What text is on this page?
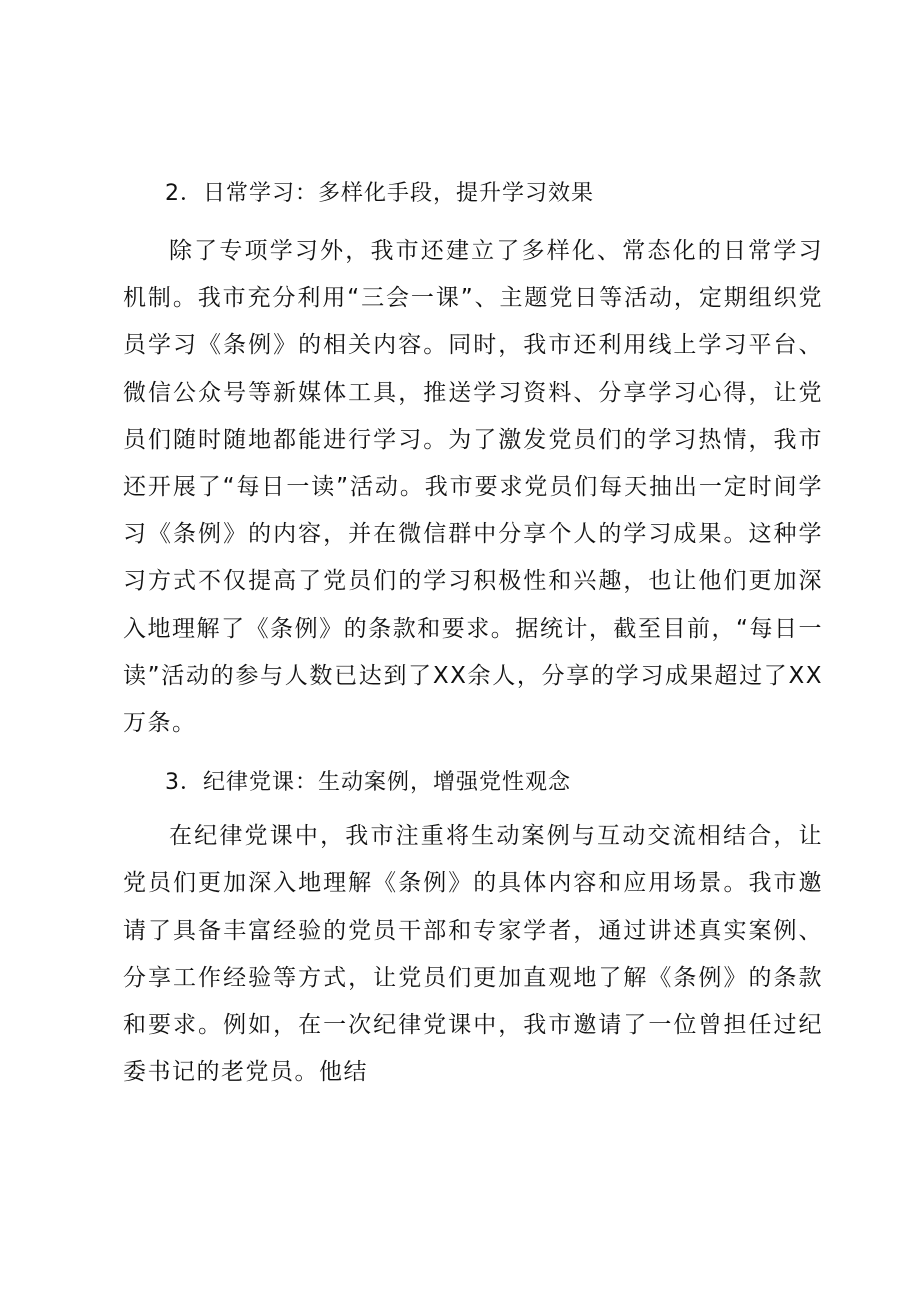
2．日常学习：多样化手段，提升学习效果

除了专项学习外，我市还建立了多样化、常态化的日常学习机制。我市充分利用“三会一课”、主题党日等活动，定期组织党员学习《条例》的相关内容。同时，我市还利用线上学习平台、微信公众号等新媒体工具，推送学习资料、分享学习心得，让党员们随时随地都能进行学习。为了激发党员们的学习热情，我市还开展了“每日一读”活动。我市要求党员们每天抽出一定时间学习《条例》的内容，并在微信群中分享个人的学习成果。这种学习方式不仅提高了党员们的学习积极性和兴趣，也让他们更加深入地理解了《条例》的条款和要求。据统计，截至目前，“每日一读”活动的参与人数已达到了XX余人，分享的学习成果超过了XX万条。

3．纪律党课：生动案例，增强党性观念

在纪律党课中，我市注重将生动案例与互动交流相结合，让党员们更加深入地理解《条例》的具体内容和应用场景。我市邀请了具备丰富经验的党员干部和专家学者，通过讲述真实案例、分享工作经验等方式，让党员们更加直观地了解《条例》的条款和要求。例如，在一次纪律党课中，我市邀请了一位曾担任过纪委书记的老党员。他结
